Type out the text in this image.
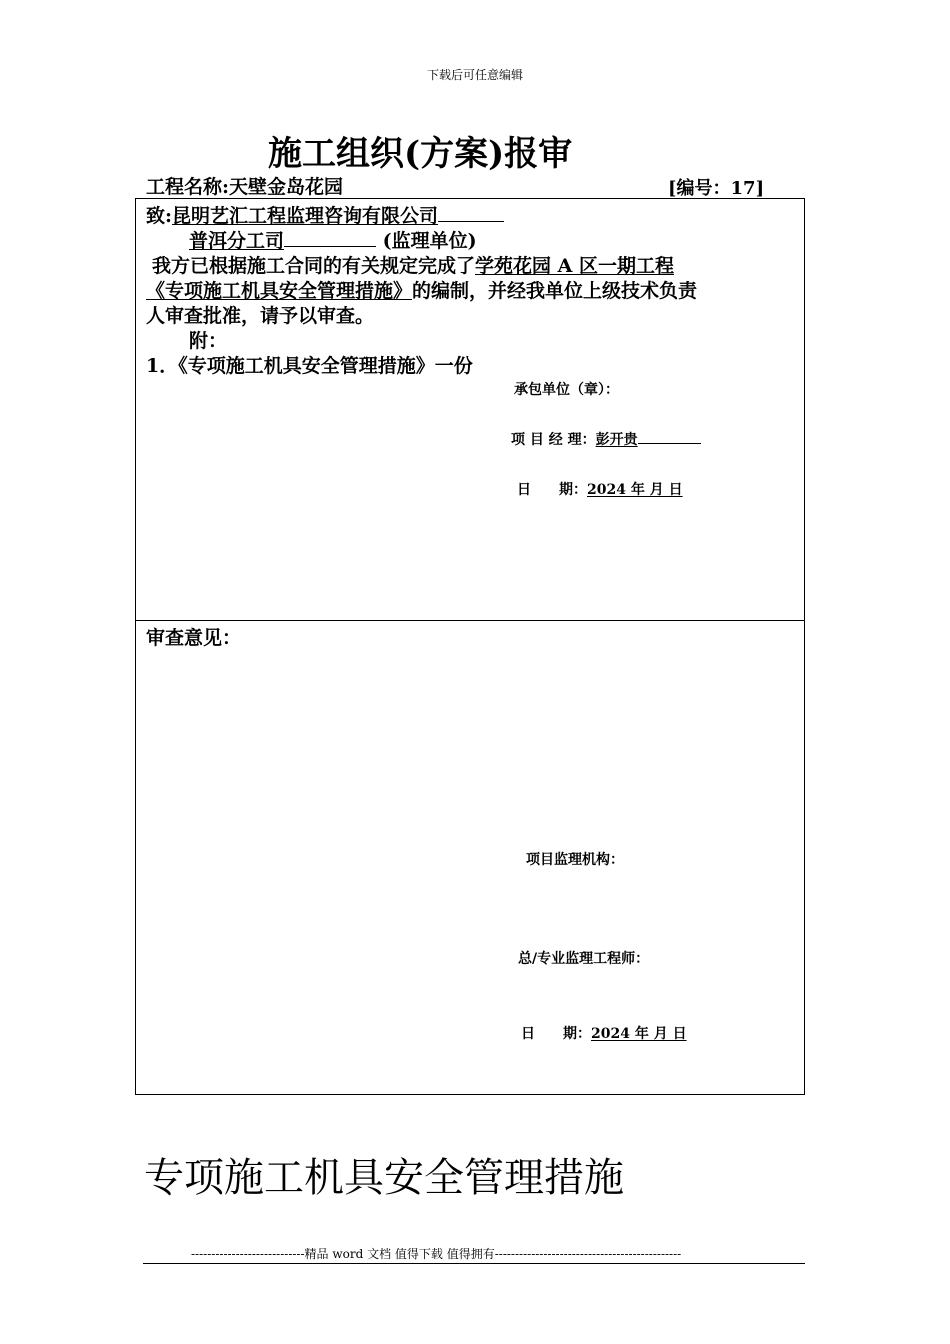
下载后可任意编辑
施工组织(方案)报审
工程名称:天壁金岛花园	[编号：17]
致:昆明艺汇工程监理咨询有限公司
普洱分工司	(监理单位)
我方已根据施工合同的有关规定完成了学苑花园 A 区一期工程
《专项施工机具安全管理措施》的编制，并经我单位上级技术负责
人审查批准，请予以审查。
附：
1．《专项施工机具安全管理措施》一份
承包单位（章）：
项 目 经 理：彭开贵
日　　期：2024 年 月 日
审查意见：
项目监理机构：
总/专业监理工程师：
日　　期：2024 年 月 日
专项施工机具安全管理措施
----------------------------精品 word 文档 值得下载 值得拥有----------------------------------------------
